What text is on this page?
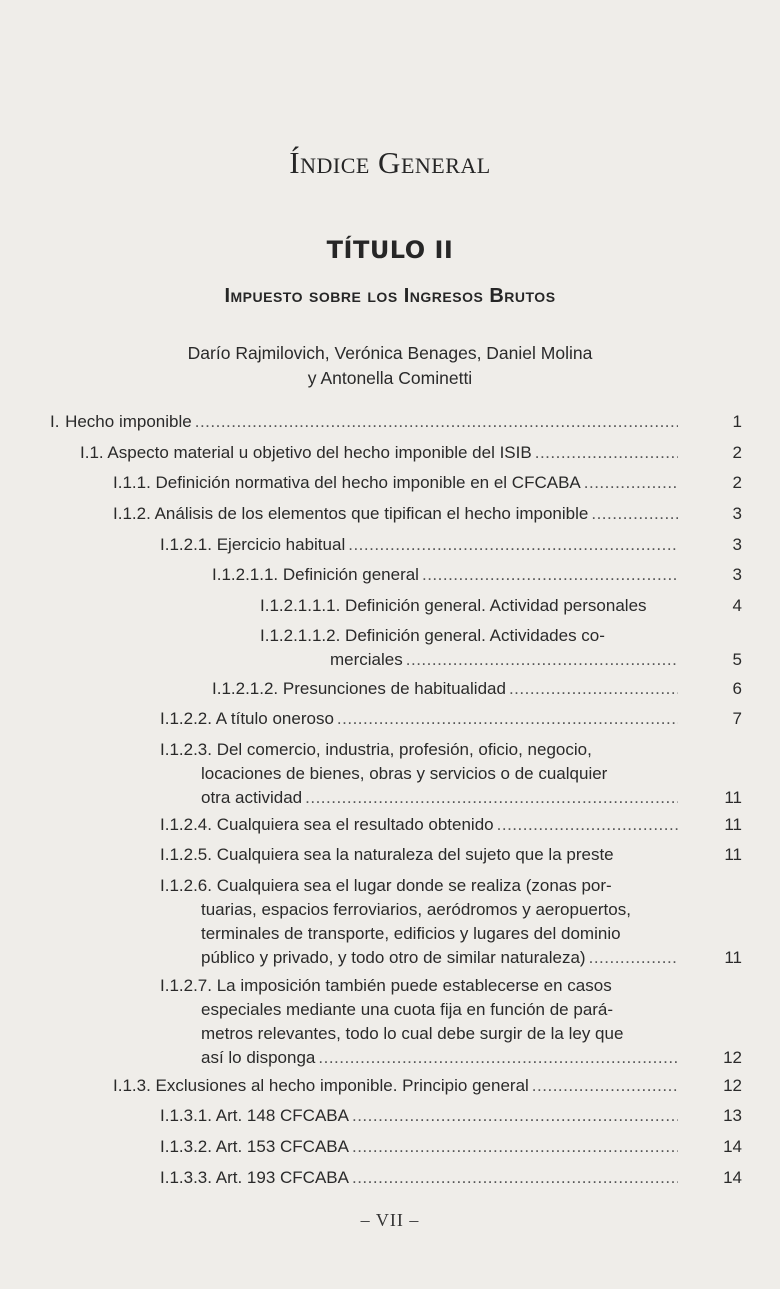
Índice General
TÍTULO II
Impuesto sobre los Ingresos Brutos
Darío Rajmilovich, Verónica Benages, Daniel Molina
y Antonella Cominetti
I. Hecho imponible .....	1
I.1. Aspecto material u objetivo del hecho imponible del ISIB .....	2
I.1.1. Definición normativa del hecho imponible en el CFCABA .....	2
I.1.2. Análisis de los elementos que tipifican el hecho imponible .....	3
I.1.2.1. Ejercicio habitual .....	3
I.1.2.1.1. Definición general .....	3
I.1.2.1.1.1. Definición general. Actividad personales	4
I.1.2.1.1.2. Definición general. Actividades co-
merciales .....	5
I.1.2.1.2. Presunciones de habitualidad .....	6
I.1.2.2. A título oneroso .....	7
I.1.2.3. Del comercio, industria, profesión, oficio, negocio,
locaciones de bienes, obras y servicios o de cualquier
otra actividad .....	11
I.1.2.4. Cualquiera sea el resultado obtenido .....	11
I.1.2.5. Cualquiera sea la naturaleza del sujeto que la preste	11
I.1.2.6. Cualquiera sea el lugar donde se realiza (zonas por-
tuarias, espacios ferroviarios, aeródromos y aeropuertos,
terminales de transporte, edificios y lugares del dominio
público y privado, y todo otro de similar naturaleza) .....	11
I.1.2.7. La imposición también puede establecerse en casos
especiales mediante una cuota fija en función de pará-
metros relevantes, todo lo cual debe surgir de la ley que
así lo disponga .....	12
I.1.3. Exclusiones al hecho imponible. Principio general .....	12
I.1.3.1. Art. 148 CFCABA .....	13
I.1.3.2. Art. 153 CFCABA .....	14
I.1.3.3. Art. 193 CFCABA .....	14
– VII –
